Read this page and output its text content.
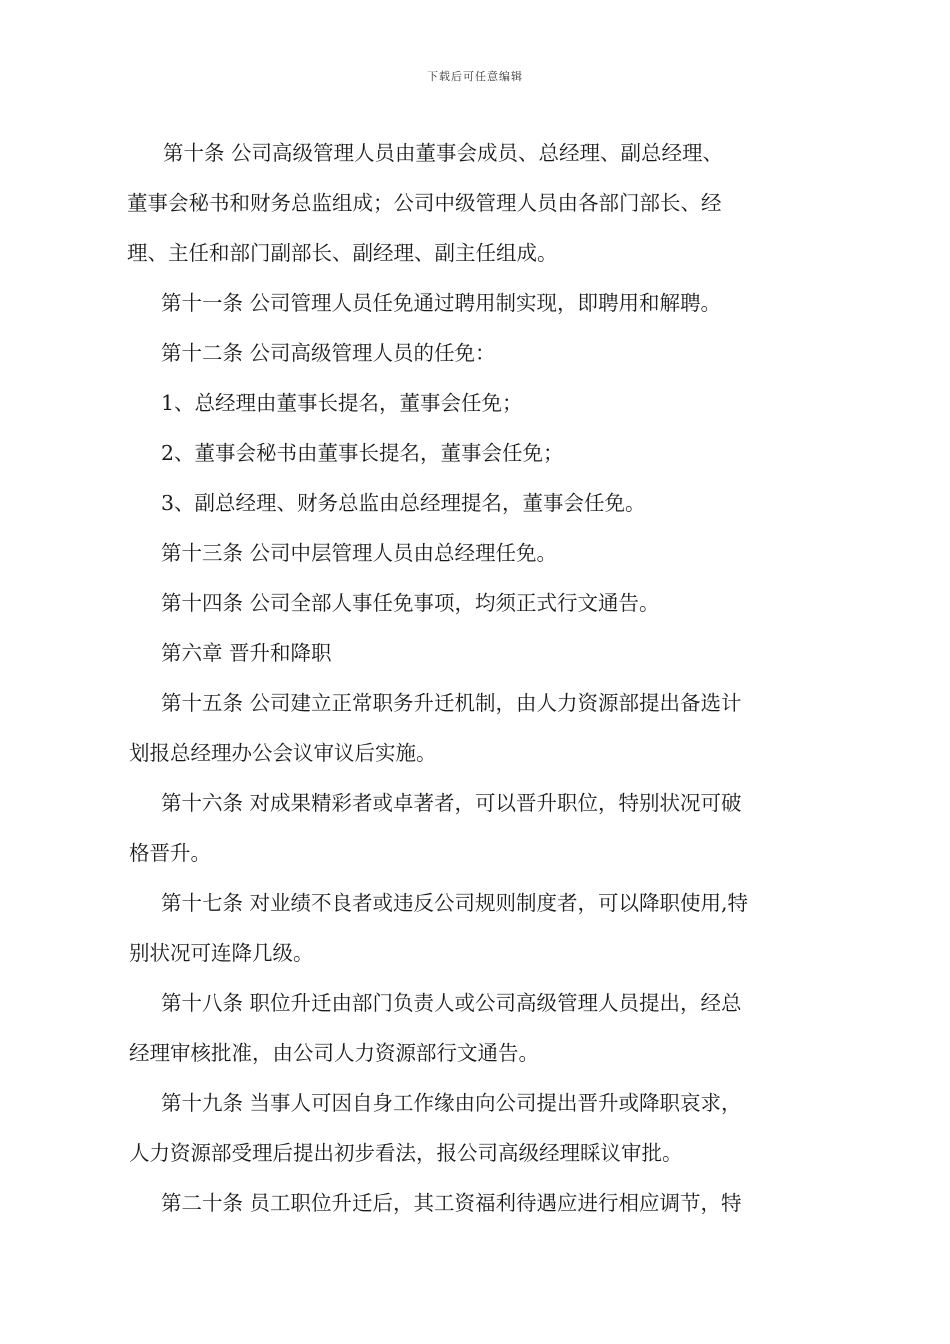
下载后可任意编辑
第十条 公司高级管理人员由董事会成员、总经理、副总经理、
董事会秘书和财务总监组成；公司中级管理人员由各部门部长、经
理、主任和部门副部长、副经理、副主任组成。
第十一条 公司管理人员任免通过聘用制实现，即聘用和解聘。
第十二条 公司高级管理人员的任免：
1、总经理由董事长提名，董事会任免；
2、董事会秘书由董事长提名，董事会任免；
3、副总经理、财务总监由总经理提名，董事会任免。
第十三条 公司中层管理人员由总经理任免。
第十四条 公司全部人事任免事项，均须正式行文通告。
第六章 晋升和降职
第十五条 公司建立正常职务升迁机制，由人力资源部提出备选计
划报总经理办公会议审议后实施。
第十六条 对成果精彩者或卓著者，可以晋升职位，特别状况可破
格晋升。
第十七条 对业绩不良者或违反公司规则制度者，可以降职使用,特
别状况可连降几级。
第十八条 职位升迁由部门负责人或公司高级管理人员提出，经总
经理审核批准，由公司人力资源部行文通告。
第十九条 当事人可因自身工作缘由向公司提出晋升或降职哀求，
人力资源部受理后提出初步看法，报公司高级经理睬议审批。
第二十条 员工职位升迁后，其工资福利待遇应进行相应调节，特
